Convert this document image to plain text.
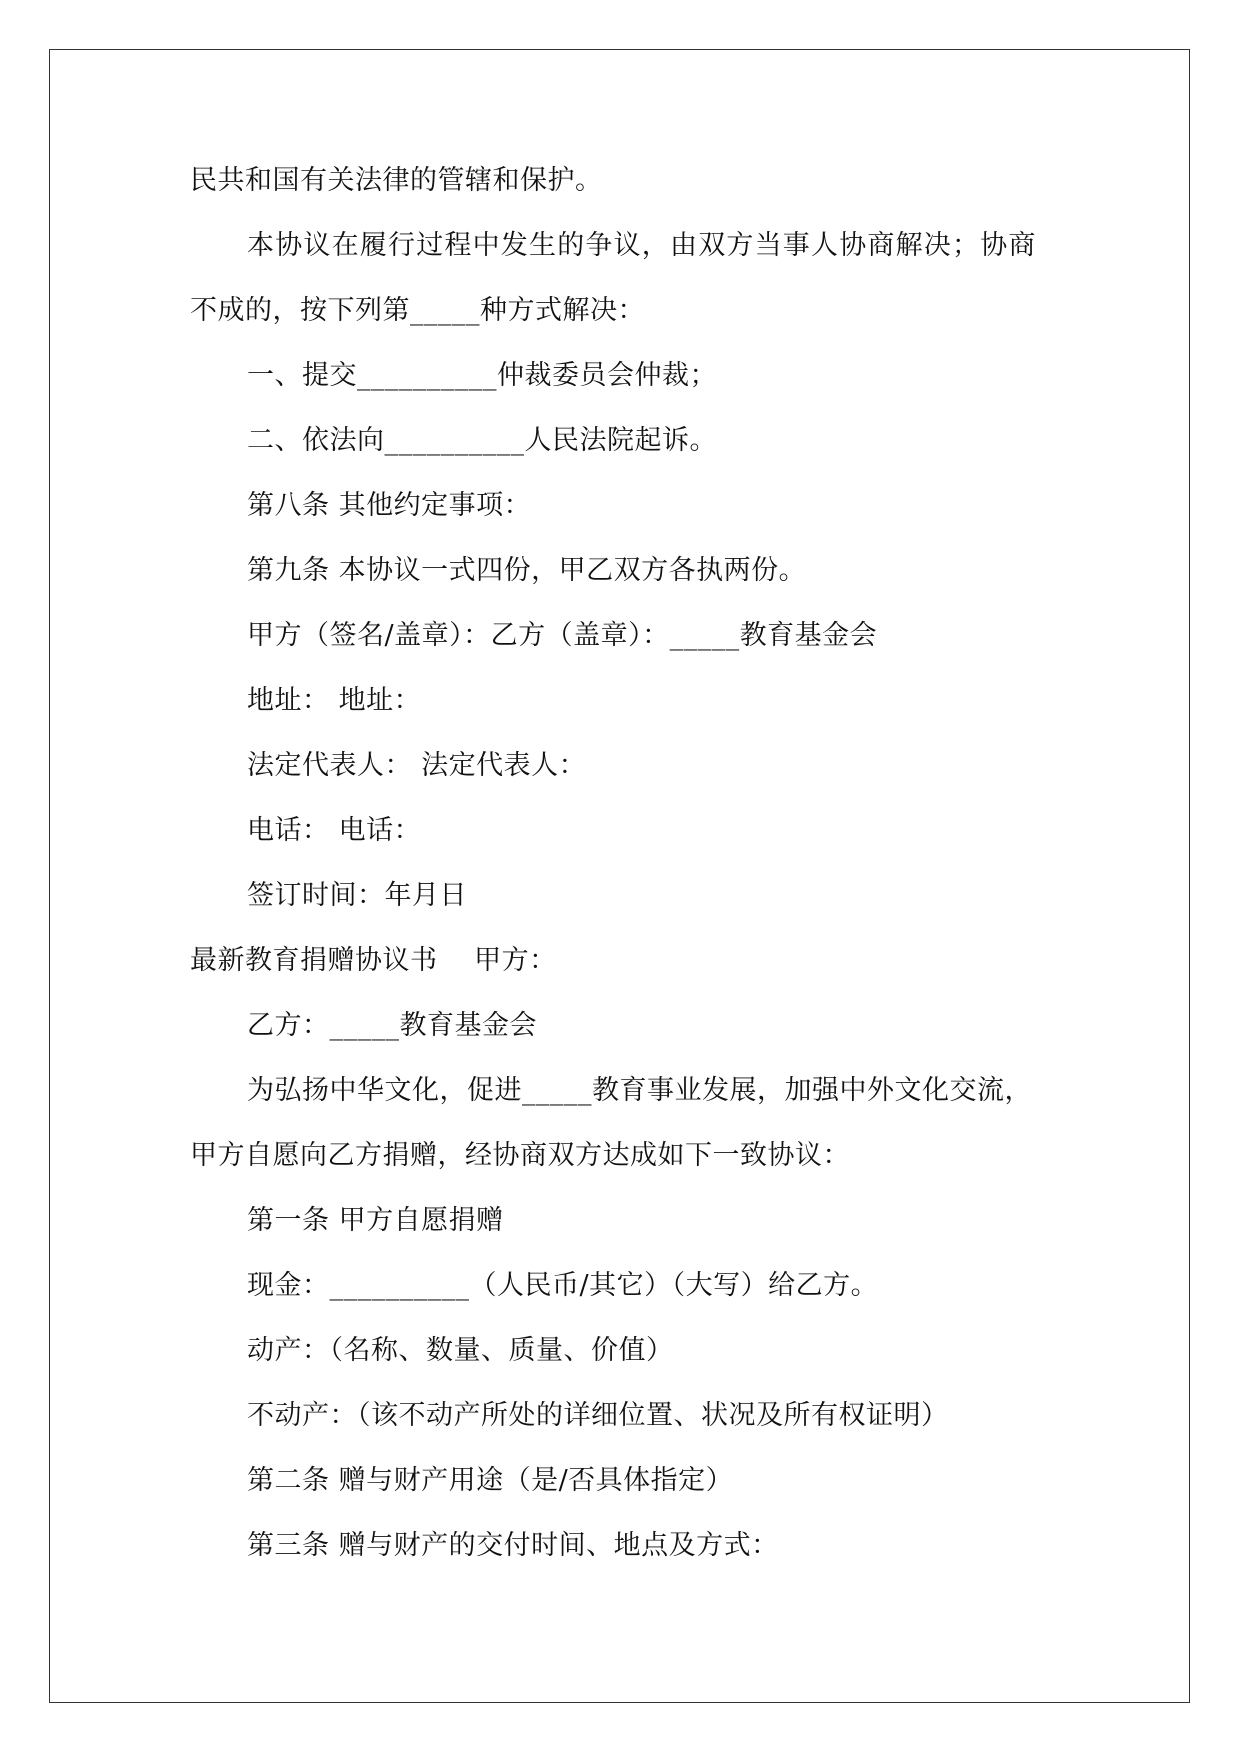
民共和国有关法律的管辖和保护。
本协议在履行过程中发生的争议，由双方当事人协商解决；协商
不成的，按下列第_____种方式解决：
一、提交__________仲裁委员会仲裁；
二、依法向__________人民法院起诉。
第八条 其他约定事项：
第九条 本协议一式四份，甲乙双方各执两份。
甲方（签名/盖章）：乙方（盖章）：_____教育基金会
地址： 地址：
法定代表人： 法定代表人：
电话： 电话：
签订时间：年月日
最新教育捐赠协议书　 甲方：
乙方：_____教育基金会
为弘扬中华文化，促进_____教育事业发展，加强中外文化交流，
甲方自愿向乙方捐赠，经协商双方达成如下一致协议：
第一条 甲方自愿捐赠
现金：__________（人民币/其它）（大写）给乙方。
动产：（名称、数量、质量、价值）
不动产：（该不动产所处的详细位置、状况及所有权证明）
第二条 赠与财产用途（是/否具体指定）
第三条 赠与财产的交付时间、地点及方式：
